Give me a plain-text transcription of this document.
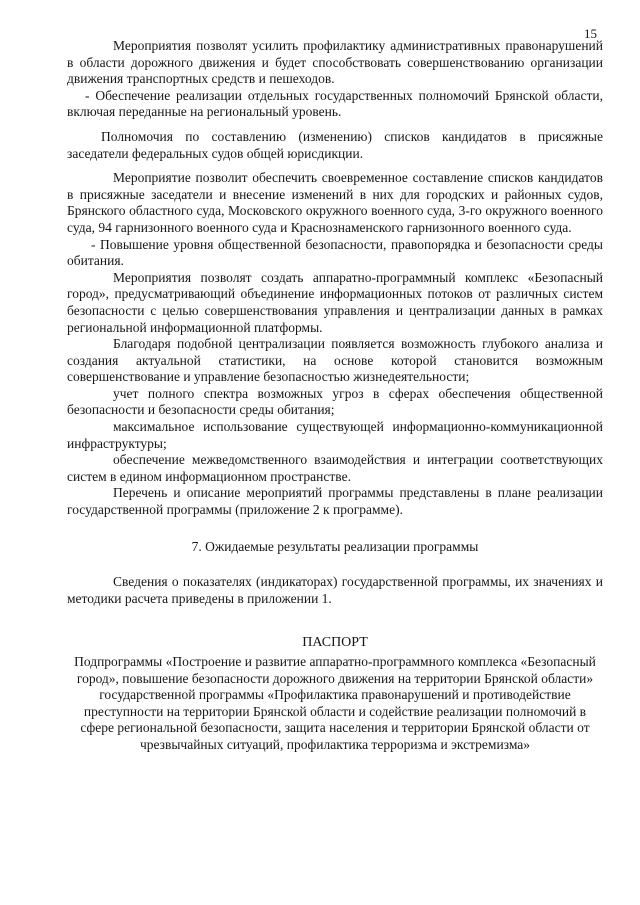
15

Мероприятия позволят усилить профилактику административных правонарушений в области дорожного движения и будет способствовать совершенствованию организации движения транспортных средств и пешеходов.

- Обеспечение реализации отдельных государственных полномочий Брянской области, включая переданные на региональный уровень.

Полномочия по составлению (изменению) списков кандидатов в присяжные заседатели федеральных судов общей юрисдикции.

Мероприятие позволит обеспечить своевременное составление списков кандидатов в присяжные заседатели и внесение изменений в них для городских и районных судов, Брянского областного суда, Московского окружного военного суда, 3-го окружного военного суда, 94 гарнизонного военного суда и Краснознаменского гарнизонного военного суда.

- Повышение уровня общественной безопасности, правопорядка и безопасности среды обитания.

Мероприятия позволят создать аппаратно-программный комплекс «Безопасный город», предусматривающий объединение информационных потоков от различных систем безопасности с целью совершенствования управления и централизации данных в рамках региональной информационной платформы.

Благодаря подобной централизации появляется возможность глубокого анализа и создания актуальной статистики, на основе которой становится возможным совершенствование и управление безопасностью жизнедеятельности;

учет полного спектра возможных угроз в сферах обеспечения общественной безопасности и безопасности среды обитания;

максимальное использование существующей информационно-коммуникационной инфраструктуры;

обеспечение межведомственного взаимодействия и интеграции соответствующих систем в едином информационном пространстве.

Перечень и описание мероприятий программы представлены в плане реализации государственной программы (приложение 2 к программе).

7. Ожидаемые результаты реализации программы

Сведения о показателях (индикаторах) государственной программы, их значениях и методики расчета приведены в приложении 1.

ПАСПОРТ

Подпрограммы «Построение и развитие аппаратно-программного комплекса «Безопасный город», повышение безопасности дорожного движения на территории Брянской области» государственной программы «Профилактика правонарушений и противодействие преступности на территории Брянской области и содействие реализации полномочий в сфере региональной безопасности, защита населения и территории Брянской области от чрезвычайных ситуаций, профилактика терроризма и экстремизма»
